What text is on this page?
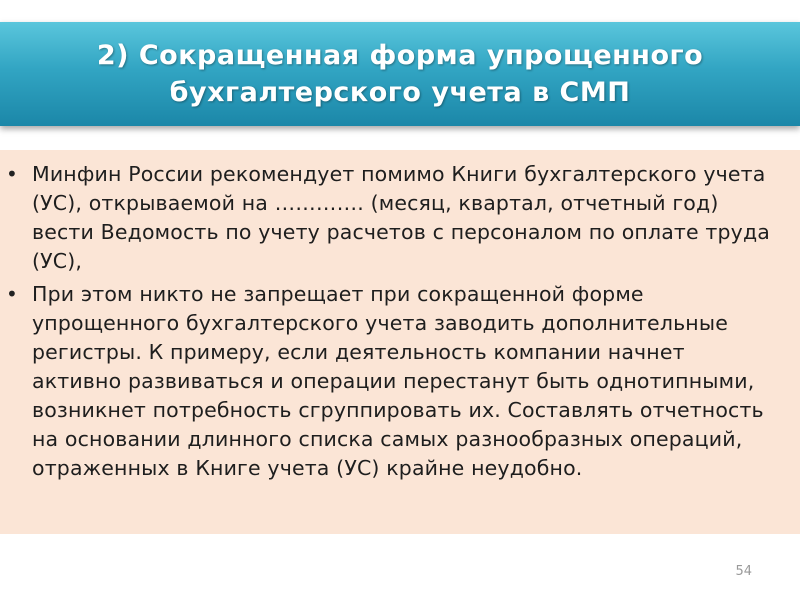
2) Сокращенная форма упрощенного
бухгалтерского учета в СМП
• Минфин России рекомендует помимо Книги бухгалтерского учета (УС), открываемой на …………. (месяц, квартал, отчетный год) вести Ведомость по учету расчетов с персоналом по оплате труда (УС),
• При этом никто не запрещает при сокращенной форме упрощенного бухгалтерского учета заводить дополнительные регистры. К примеру, если деятельность компании начнет активно развиваться и операции перестанут быть однотипными, возникнет потребность сгруппировать их. Составлять отчетность на основании длинного списка самых разнообразных операций, отраженных в Книге учета (УС) крайне неудобно.
54
